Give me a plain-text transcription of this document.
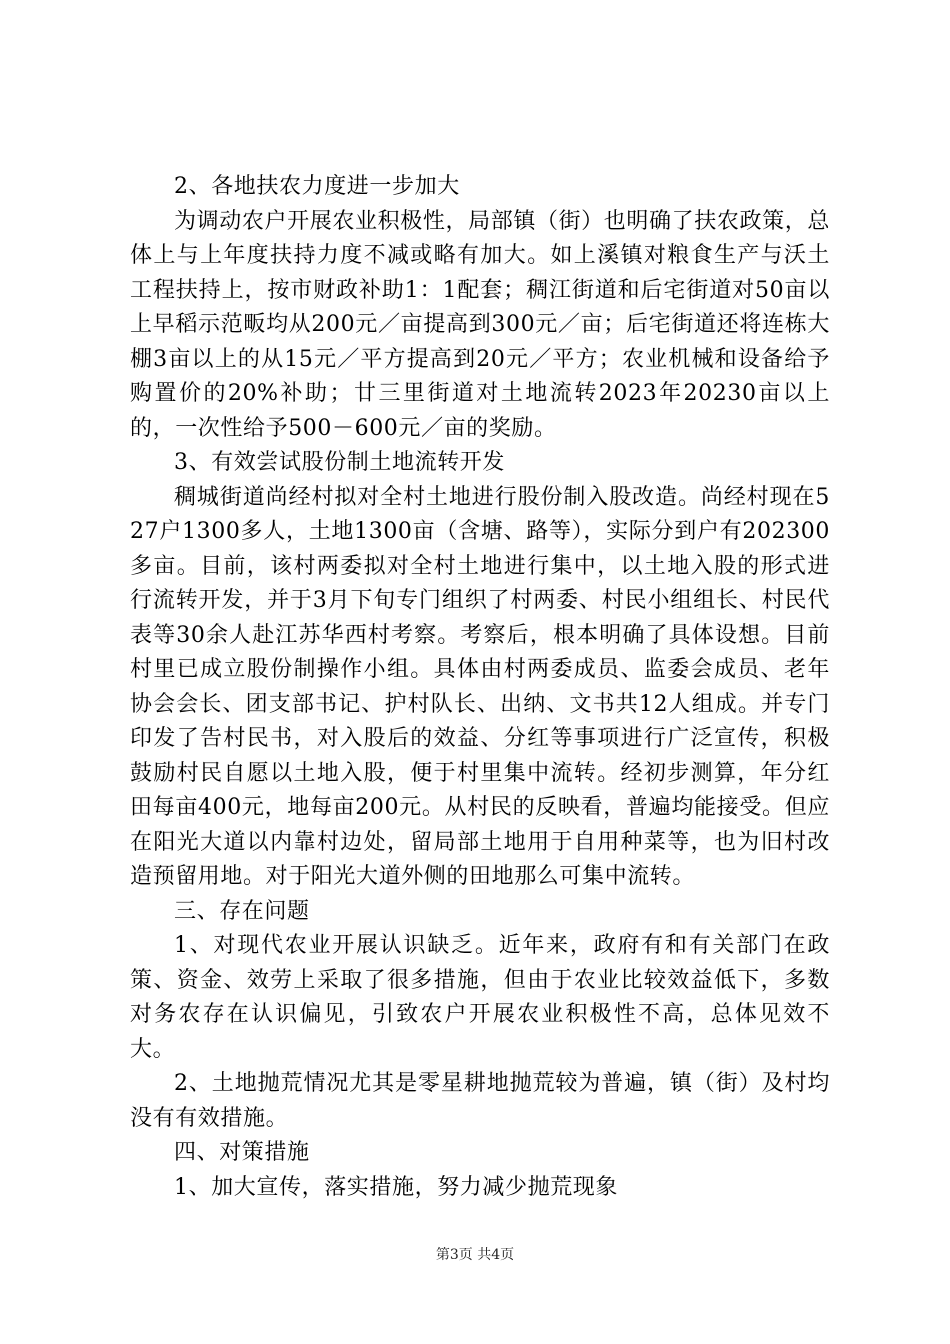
2、各地扶农力度进一步加大

为调动农户开展农业积极性，局部镇（街）也明确了扶农政策，总体上与上年度扶持力度不减或略有加大。如上溪镇对粮食生产与沃土工程扶持上，按市财政补助1：1配套；稠江街道和后宅街道对50亩以上早稻示范畈均从200元／亩提高到300元／亩；后宅街道还将连栋大棚3亩以上的从15元／平方提高到20元／平方；农业机械和设备给予购置价的20%补助；廿三里街道对土地流转2023年20230亩以上的，一次性给予500－600元／亩的奖励。

3、有效尝试股份制土地流转开发

稠城街道尚经村拟对全村土地进行股份制入股改造。尚经村现在527户1300多人，土地1300亩（含塘、路等），实际分到户有202300多亩。目前，该村两委拟对全村土地进行集中，以土地入股的形式进行流转开发，并于3月下旬专门组织了村两委、村民小组组长、村民代表等30余人赴江苏华西村考察。考察后，根本明确了具体设想。目前村里已成立股份制操作小组。具体由村两委成员、监委会成员、老年协会会长、团支部书记、护村队长、出纳、文书共12人组成。并专门印发了告村民书，对入股后的效益、分红等事项进行广泛宣传，积极鼓励村民自愿以土地入股，便于村里集中流转。经初步测算，年分红田每亩400元，地每亩200元。从村民的反映看，普遍均能接受。但应在阳光大道以内靠村边处，留局部土地用于自用种菜等，也为旧村改造预留用地。对于阳光大道外侧的田地那么可集中流转。

三、存在问题

1、对现代农业开展认识缺乏。近年来，政府有和有关部门在政策、资金、效劳上采取了很多措施，但由于农业比较效益低下，多数对务农存在认识偏见，引致农户开展农业积极性不高，总体见效不大。

2、土地抛荒情况尤其是零星耕地抛荒较为普遍，镇（街）及村均没有有效措施。

四、对策措施

1、加大宣传，落实措施，努力减少抛荒现象

第3页 共4页
